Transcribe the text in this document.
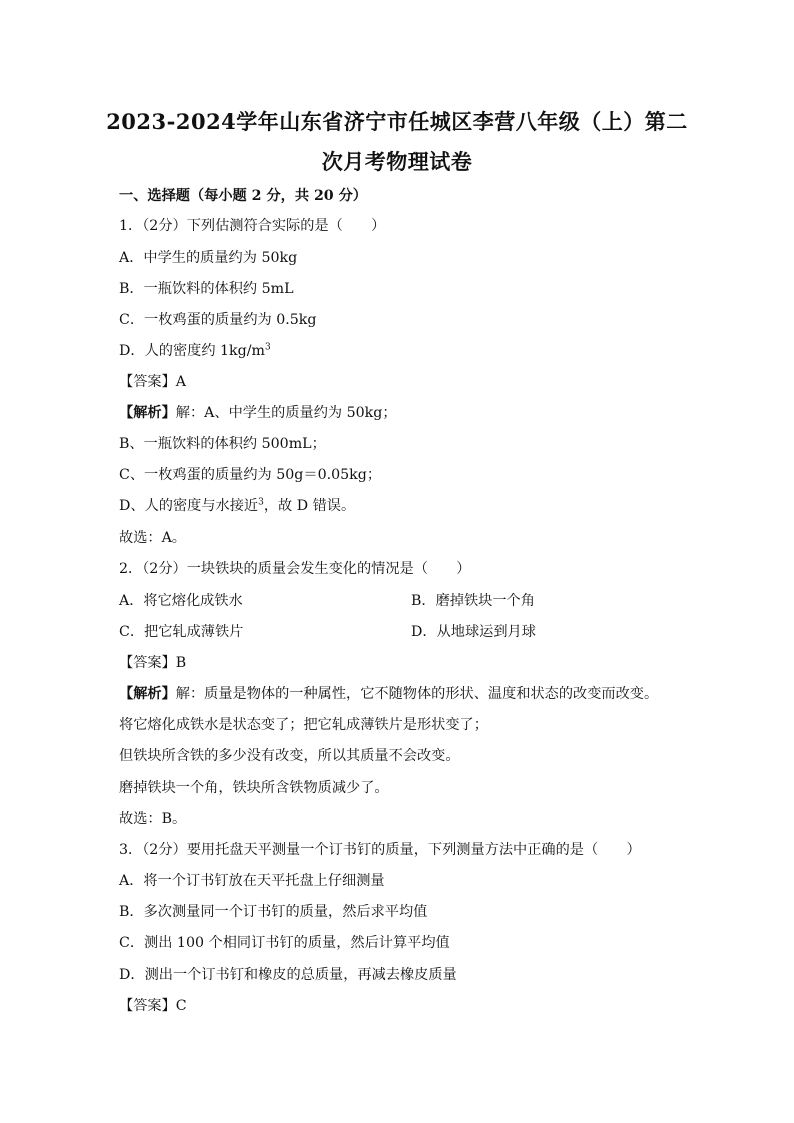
2023-2024学年山东省济宁市任城区李营八年级（上）第二
次月考物理试卷
一、选择题（每小题 2 分，共 20 分）
1．（2分）下列估测符合实际的是（　　）
A．中学生的质量约为 50kg
B．一瓶饮料的体积约 5mL
C．一枚鸡蛋的质量约为 0.5kg
D．人的密度约 $1kg/m^3$
【答案】A
【解析】解：A、中学生的质量约为 50kg；
B、一瓶饮料的体积约 500mL；
C、一枚鸡蛋的质量约为 50g＝0.05kg；
D、人的密度与水接近$^3$，故 D 错误。
故选：A。
2．（2分）一块铁块的质量会发生变化的情况是（　　）
A．将它熔化成铁水	B．磨掉铁块一个角
C．把它轧成薄铁片	D．从地球运到月球
【答案】B
【解析】解：质量是物体的一种属性，它不随物体的形状、温度和状态的改变而改变。
将它熔化成铁水是状态变了；把它轧成薄铁片是形状变了；
但铁块所含铁的多少没有改变，所以其质量不会改变。
磨掉铁块一个角，铁块所含铁物质减少了。
故选：B。
3．（2分）要用托盘天平测量一个订书钉的质量，下列测量方法中正确的是（　　）
A．将一个订书钉放在天平托盘上仔细测量
B．多次测量同一个订书钉的质量，然后求平均值
C．测出 100 个相同订书钉的质量，然后计算平均值
D．测出一个订书钉和橡皮的总质量，再减去橡皮质量
【答案】C
